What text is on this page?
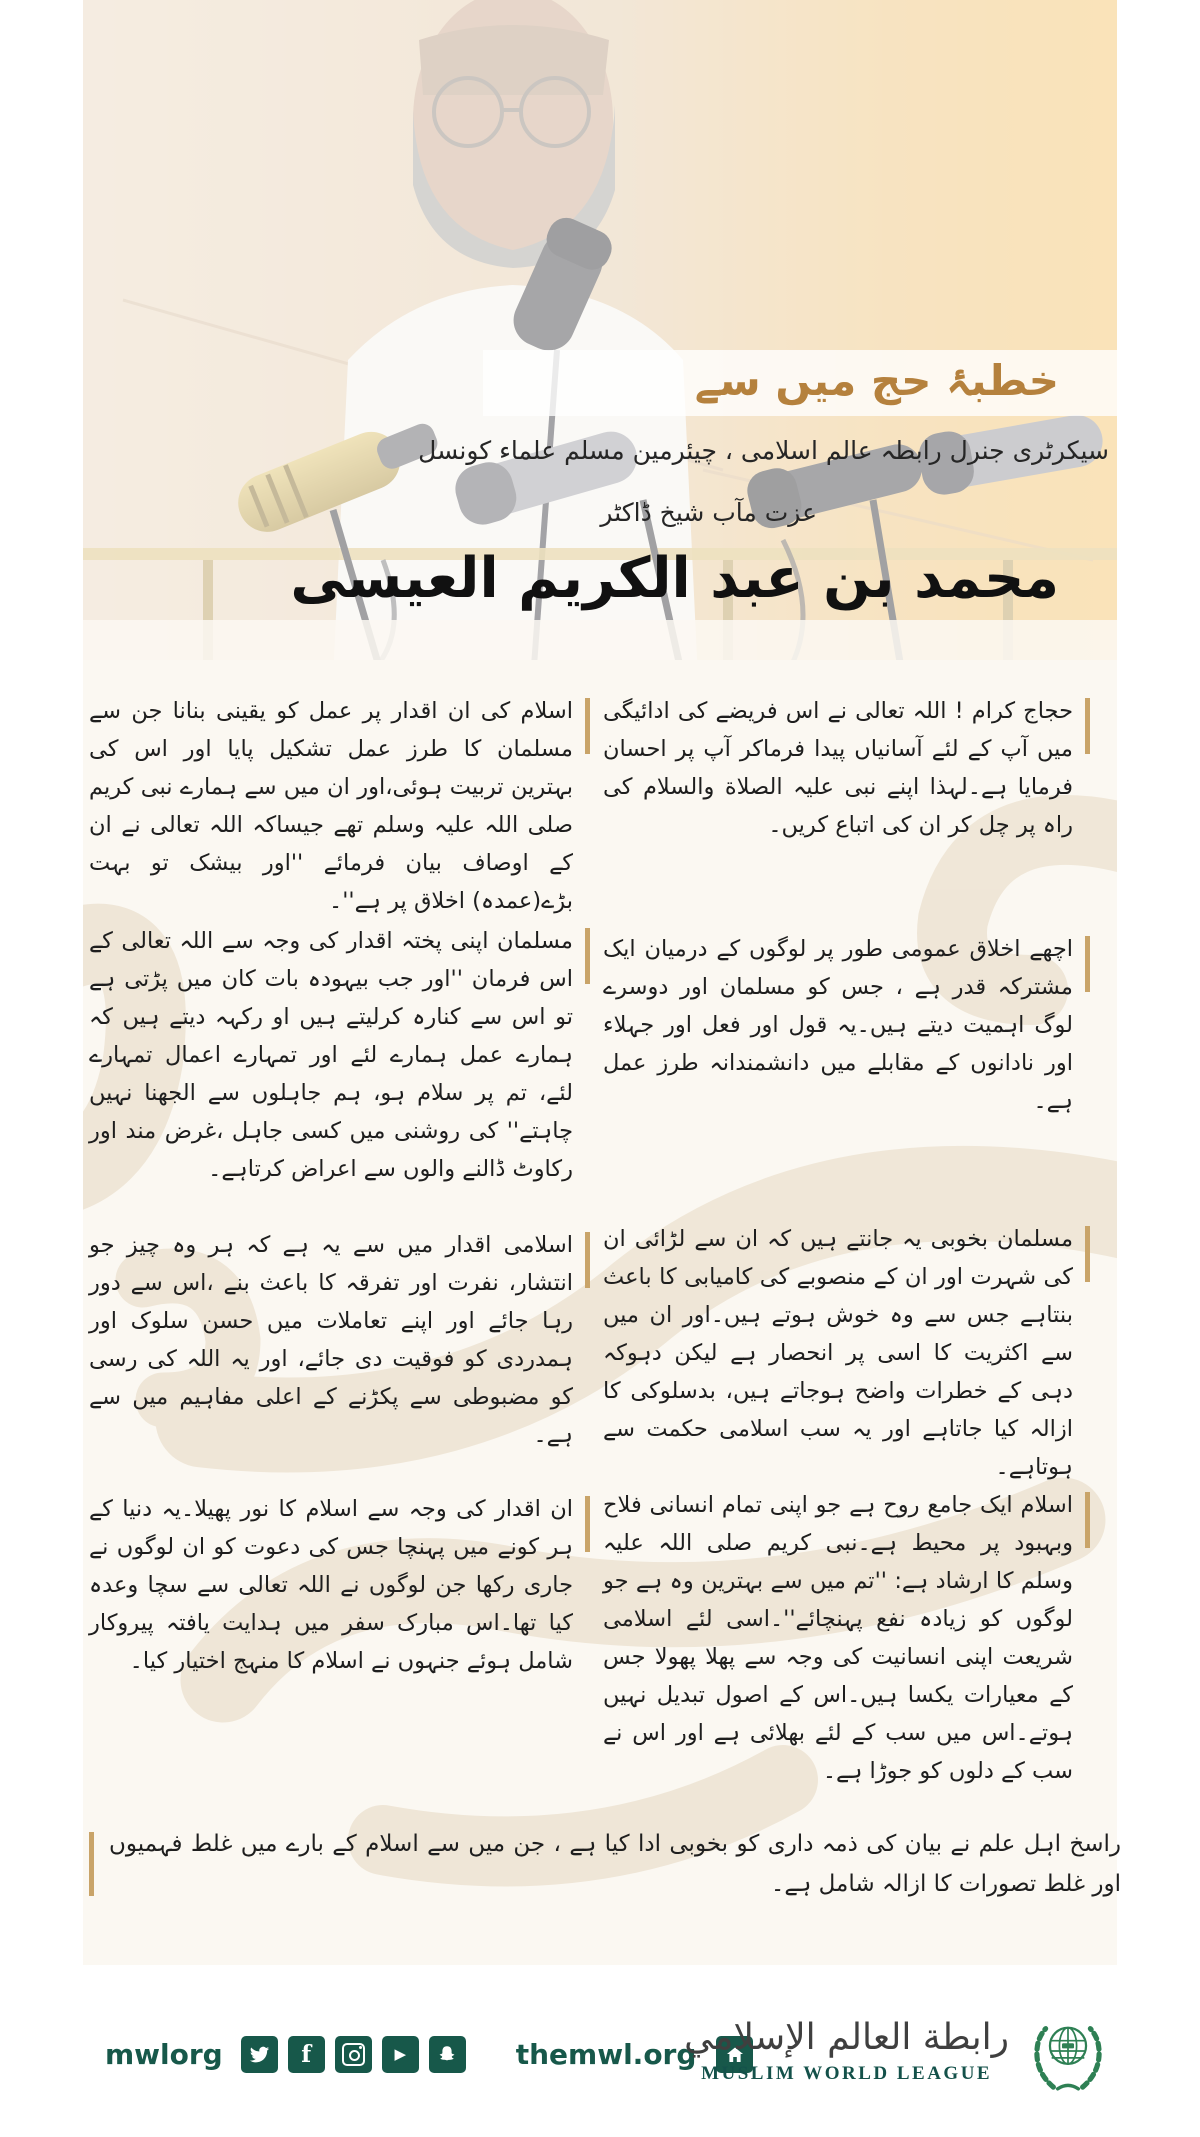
خطبۂ حج میں سے
سیکرٹری جنرل رابطہ عالم اسلامی ، چیئرمین مسلم علماء کونسل
عزت مآب شیخ ڈاکٹر
محمد بن عبد الکریم العیسی
حجاج کرام ! اللہ تعالی نے اس فریضے کی ادائیگی میں آپ کے لئے آسانیاں پیدا فرماکر آپ پر احسان فرمایا ہے۔لہذا اپنے نبی علیہ الصلاة والسلام کی راہ پر چل کر ان کی اتباع کریں۔
اچھے اخلاق عمومی طور پر لوگوں کے درمیان ایک مشترکہ قدر ہے ، جس کو مسلمان اور دوسرے لوگ اہمیت دیتے ہیں۔یہ قول اور فعل اور جہلاء اور نادانوں کے مقابلے میں دانشمندانہ طرز عمل ہے۔
مسلمان بخوبی یہ جانتے ہیں کہ ان سے لڑائی ان کی شہرت اور ان کے منصوبے کی کامیابی کا باعث بنتاہے جس سے وہ خوش ہوتے ہیں۔اور ان میں سے اکثریت کا اسی پر انحصار ہے لیکن دہوکہ دہی کے خطرات واضح ہوجاتے ہیں، بدسلوکی کا ازالہ کیا جاتاہے اور یہ سب اسلامی حکمت سے ہوتاہے۔
اسلام ایک جامع روح ہے جو اپنی تمام انسانی فلاح وبہبود پر محیط ہے۔نبی کریم صلی اللہ علیہ وسلم کا ارشاد ہے: ''تم میں سے بہترین وہ ہے جو لوگوں کو زیادہ نفع پہنچائے''۔اسی لئے اسلامی شریعت اپنی انسانیت کی وجہ سے پھلا پھولا جس کے معیارات یکسا ہیں۔اس کے اصول تبدیل نہیں ہوتے۔اس میں سب کے لئے بھلائی ہے اور اس نے سب کے دلوں کو جوڑا ہے۔
اسلام کی ان اقدار پر عمل کو یقینی بنانا جن سے مسلمان کا طرز عمل تشکیل پایا اور اس کی بہترین تربیت ہوئی،اور ان میں سے ہمارے نبی کریم صلی اللہ علیہ وسلم تھے جیساکہ اللہ تعالی نے ان کے اوصاف بیان فرمائے ''اور بیشک تو بہت بڑے(عمدہ) اخلاق پر ہے''۔
مسلمان اپنی پختہ اقدار کی وجہ سے اللہ تعالی کے اس فرمان ''اور جب بیہودہ بات کان میں پڑتی ہے تو اس سے کنارہ کرلیتے ہیں او رکہہ دیتے ہیں کہ ہمارے عمل ہمارے لئے اور تمہارے اعمال تمہارے لئے، تم پر سلام ہو، ہم جاہلوں سے الجھنا نہیں چاہتے'' کی روشنی میں کسی جاہل ،غرض مند اور رکاوٹ ڈالنے والوں سے اعراض کرتاہے۔
اسلامی اقدار میں سے یہ ہے کہ ہر وہ چیز جو انتشار، نفرت اور تفرقہ کا باعث بنے ،اس سے دور رہا جائے اور اپنے تعاملات میں حسن سلوک اور ہمدردی کو فوقیت دی جائے، اور یہ اللہ کی رسی کو مضبوطی سے پکڑنے کے اعلی مفاہیم میں سے ہے۔
ان اقدار کی وجہ سے اسلام کا نور پھیلا۔یہ دنیا کے ہر کونے میں پہنچا جس کی دعوت کو ان لوگوں نے جاری رکھا جن لوگوں نے اللہ تعالی سے سچا وعدہ کیا تھا۔اس مبارک سفر میں ہدایت یافتہ پیروکار شامل ہوئے جنہوں نے اسلام کا منہج اختیار کیا۔
راسخ اہل علم نے بیان کی ذمہ داری کو بخوبی ادا کیا ہے ، جن میں سے اسلام کے بارے میں غلط فہمیوں اور غلط تصورات کا ازالہ شامل ہے۔
mwlorg	f	▶	themwl.org
رابطة العالم الإسلامي
MUSLIM WORLD LEAGUE
